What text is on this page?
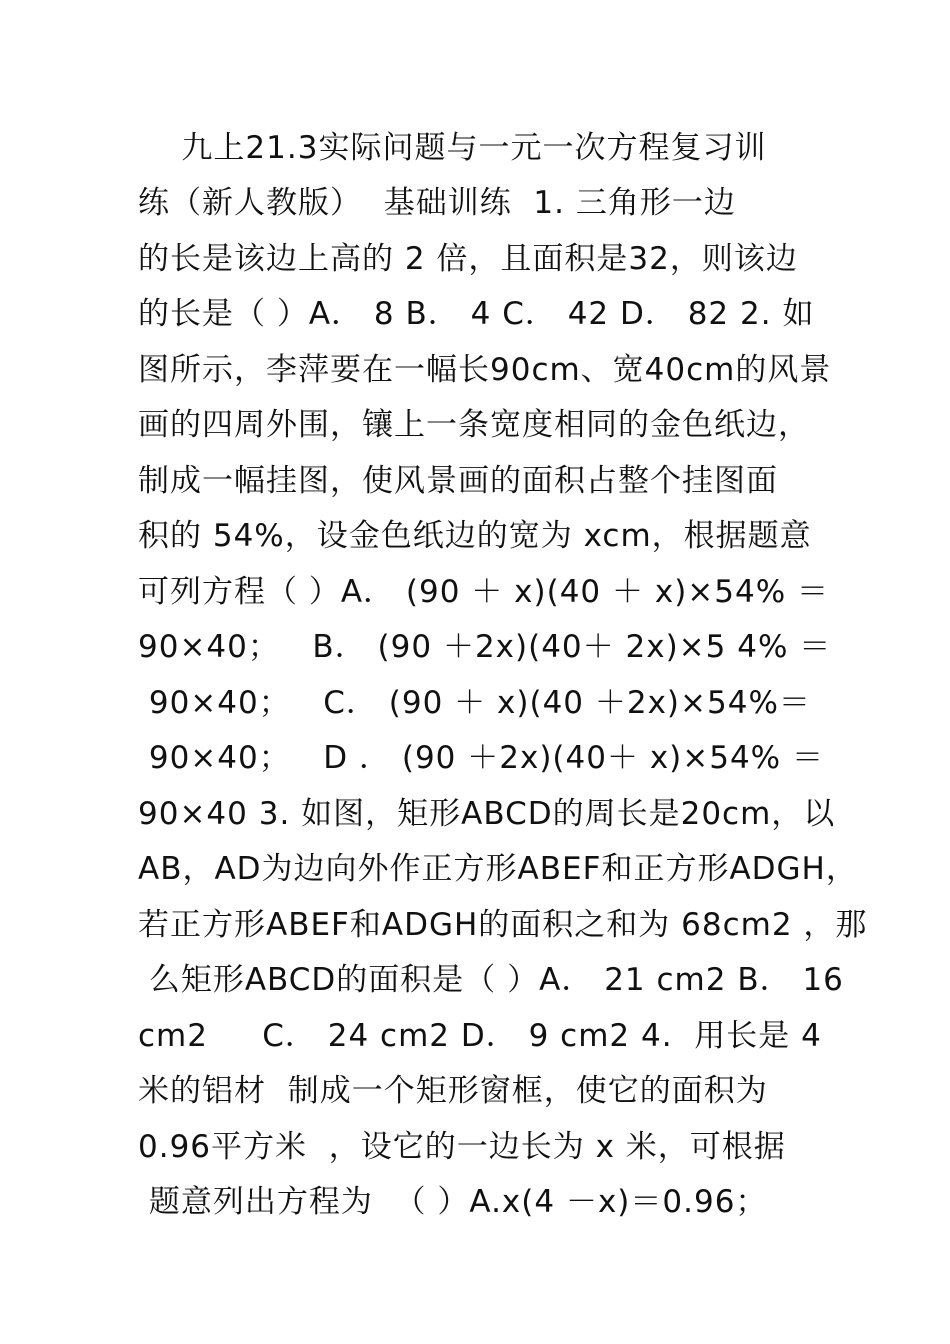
九上21.3实际问题与一元一次方程复习训
练（新人教版）  基础训练  1. 三角形一边
的长是该边上高的 2 倍，且面积是32，则该边
的长是（ ）A． 8 B． 4 C． 42 D． 82 2. 如
图所示，李萍要在一幅长90cm、宽40cm的风景
画的四周外围，镶上一条宽度相同的金色纸边，
制成一幅挂图，使风景画的面积占整个挂图面
积的 54%，设金色纸边的宽为 xcm，根据题意
可列方程（ ）A． (90 ＋ x)(40 ＋ x)×54% ＝
90×40；   B． (90 ＋2x)(40＋ 2x)×5 4% ＝
90×40；   C． (90 ＋ x)(40 ＋2x)×54%＝
90×40；   D ． (90 ＋2x)(40＋ x)×54% ＝
90×40 3. 如图，矩形ABCD的周长是20cm，以
AB，AD为边向外作正方形ABEF和正方形ADGH，
若正方形ABEF和ADGH的面积之和为 68cm2 ，那
么矩形ABCD的面积是（ ）A． 21 cm2 B． 16
cm2     C． 24 cm2 D． 9 cm2 4.  用长是 4
米的铝材  制成一个矩形窗框，使它的面积为
0.96平方米  ，设它的一边长为 x 米，可根据
题意列出方程为  （ ）A.x(4 －x)＝0.96；
